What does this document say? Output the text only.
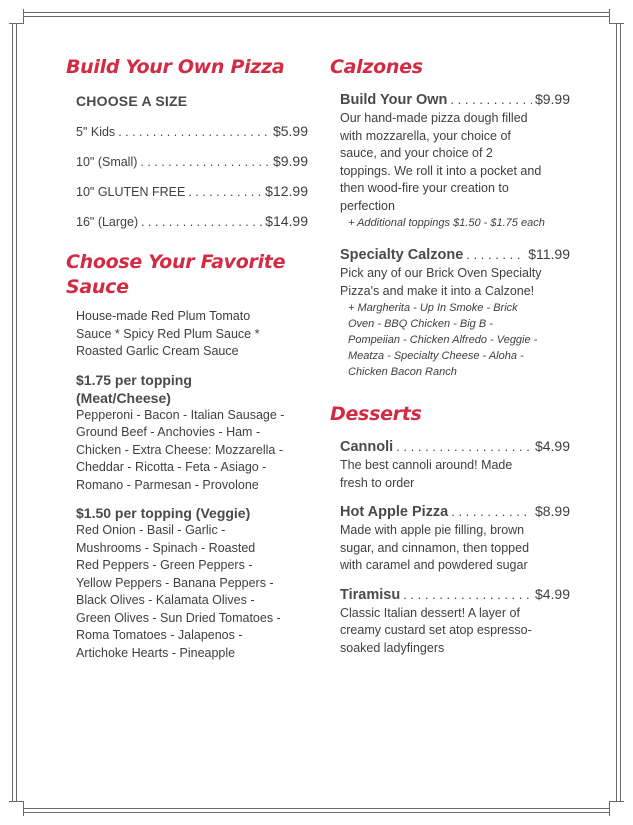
Build Your Own Pizza

CHOOSE A SIZE

5" Kids . . .	$5.99
10" (Small) . . .	$9.99
10" GLUTEN FREE . . .	$12.99
16" (Large) . . .	$14.99
Choose Your Favorite Sauce

House-made Red Plum Tomato Sauce * Spicy Red Plum Sauce * Roasted Garlic Cream Sauce

$1.75 per topping (Meat/Cheese)

Pepperoni - Bacon - Italian Sausage - Ground Beef - Anchovies - Ham - Chicken - Extra Cheese: Mozzarella - Cheddar - Ricotta - Feta - Asiago - Romano - Parmesan - Provolone

$1.50 per topping (Veggie)

Red Onion - Basil - Garlic - Mushrooms - Spinach - Roasted Red Peppers - Green Peppers - Yellow Peppers - Banana Peppers - Black Olives - Kalamata Olives - Green Olives - Sun Dried Tomatoes - Roma Tomatoes - Jalapenos - Artichoke Hearts - Pineapple

Calzones
Build Your Own . . .	$9.99

Our hand-made pizza dough filled with mozzarella, your choice of sauce, and your choice of 2 toppings. We roll it into a pocket and then wood-fire your creation to perfection

+ Additional toppings $1.50 - $1.75 each

Specialty Calzone . . .	$11.99

Pick any of our Brick Oven Specialty Pizza's and make it into a Calzone!

+ Margherita - Up In Smoke - Brick Oven - BBQ Chicken - Big B - Pompeiian - Chicken Alfredo - Veggie - Meatza - Specialty Cheese - Aloha - Chicken Bacon Ranch

Desserts
Cannoli . . .	$4.99

The best cannoli around! Made fresh to order

Hot Apple Pizza . . .	$8.99

Made with apple pie filling, brown sugar, and cinnamon, then topped with caramel and powdered sugar

Tiramisu . . .	$4.99

Classic Italian dessert! A layer of creamy custard set atop espresso-soaked ladyfingers
